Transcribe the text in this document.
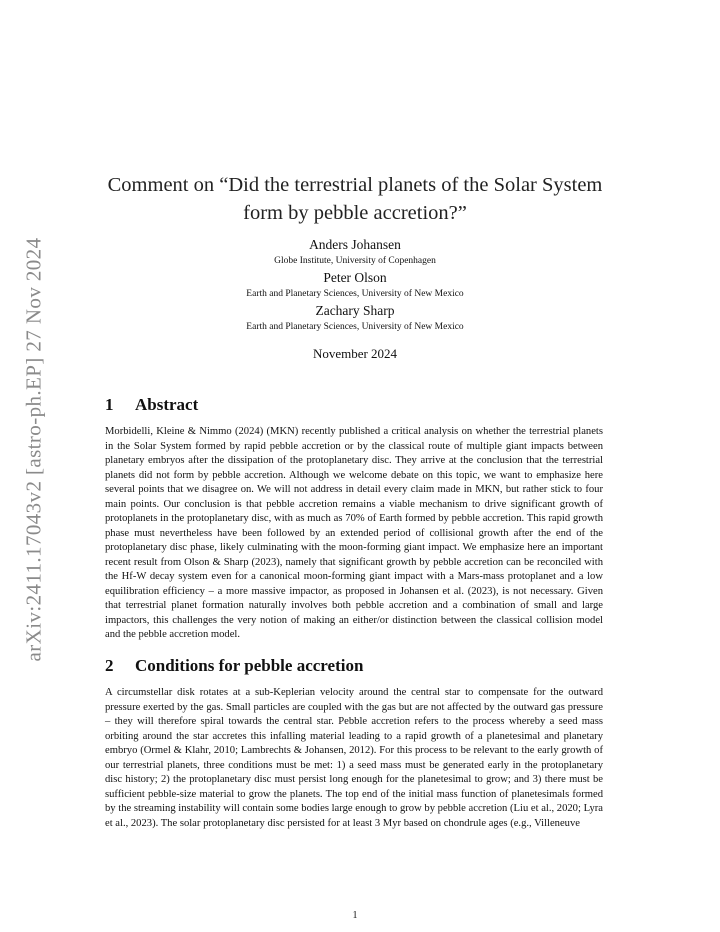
arXiv:2411.17043v2 [astro-ph.EP] 27 Nov 2024
Comment on “Did the terrestrial planets of the Solar System form by pebble accretion?”
Anders Johansen
Globe Institute, University of Copenhagen
Peter Olson
Earth and Planetary Sciences, University of New Mexico
Zachary Sharp
Earth and Planetary Sciences, University of New Mexico
November 2024
1 Abstract
Morbidelli, Kleine & Nimmo (2024) (MKN) recently published a critical analysis on whether the terrestrial planets in the Solar System formed by rapid pebble accretion or by the classical route of multiple giant impacts between planetary embryos after the dissipation of the protoplanetary disc. They arrive at the conclusion that the terrestrial planets did not form by pebble accretion. Although we welcome debate on this topic, we want to emphasize here several points that we disagree on. We will not address in detail every claim made in MKN, but rather stick to four main points. Our conclusion is that pebble accretion remains a viable mechanism to drive significant growth of protoplanets in the protoplanetary disc, with as much as 70% of Earth formed by pebble accretion. This rapid growth phase must nevertheless have been followed by an extended period of collisional growth after the end of the protoplanetary disc phase, likely culminating with the moon-forming giant impact. We emphasize here an important recent result from Olson & Sharp (2023), namely that significant growth by pebble accretion can be reconciled with the Hf-W decay system even for a canonical moon-forming giant impact with a Mars-mass protoplanet and a low equilibration efficiency – a more massive impactor, as proposed in Johansen et al. (2023), is not necessary. Given that terrestrial planet formation naturally involves both pebble accretion and a combination of small and large impactors, this challenges the very notion of making an either/or distinction between the classical collision model and the pebble accretion model.
2 Conditions for pebble accretion
A circumstellar disk rotates at a sub-Keplerian velocity around the central star to compensate for the outward pressure exerted by the gas. Small particles are coupled with the gas but are not affected by the outward gas pressure – they will therefore spiral towards the central star. Pebble accretion refers to the process whereby a seed mass orbiting around the star accretes this infalling material leading to a rapid growth of a planetesimal and planetary embryo (Ormel & Klahr, 2010; Lambrechts & Johansen, 2012). For this process to be relevant to the early growth of our terrestrial planets, three conditions must be met: 1) a seed mass must be generated early in the protoplanetary disc history; 2) the protoplanetary disc must persist long enough for the planetesimal to grow; and 3) there must be sufficient pebble-size material to grow the planets. The top end of the initial mass function of planetesimals formed by the streaming instability will contain some bodies large enough to grow by pebble accretion (Liu et al., 2020; Lyra et al., 2023). The solar protoplanetary disc persisted for at least 3 Myr based on chondrule ages (e.g., Villeneuve
1
